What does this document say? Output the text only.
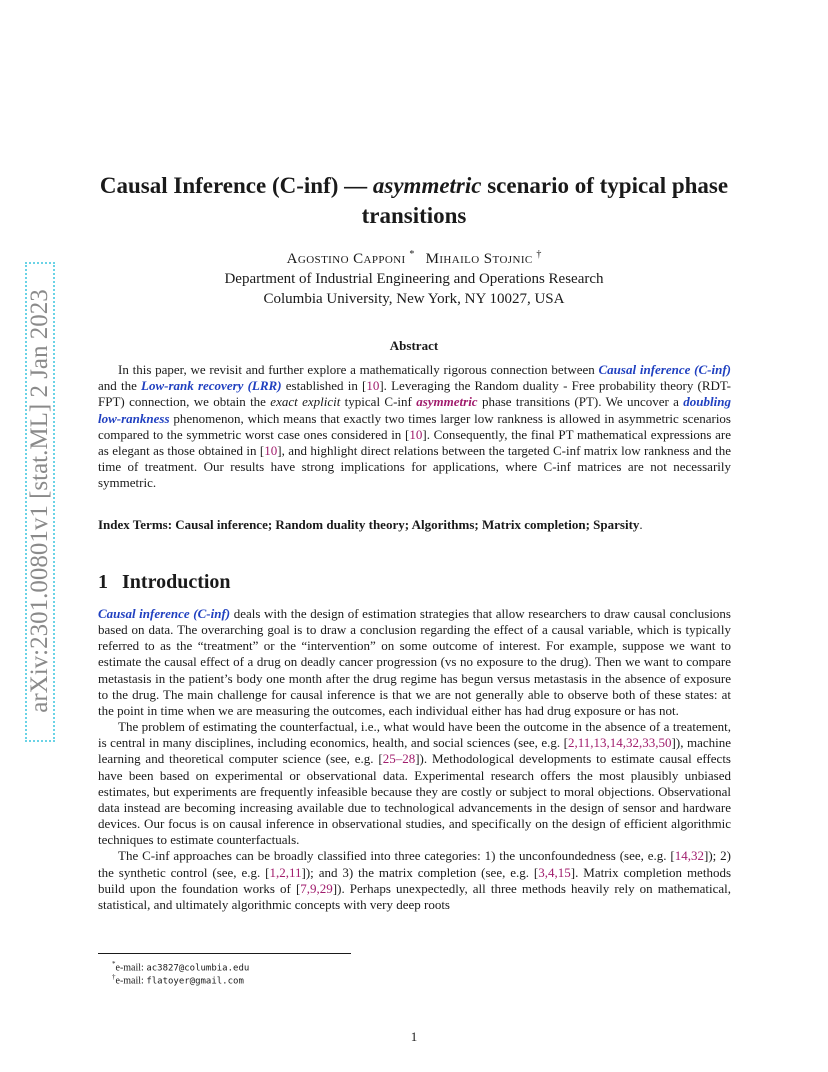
arXiv:2301.00801v1 [stat.ML] 2 Jan 2023
Causal Inference (C-inf) — asymmetric scenario of typical phase transitions
Agostino Capponi * Mihailo Stojnic †
Department of Industrial Engineering and Operations Research
Columbia University, New York, NY 10027, USA
Abstract

In this paper, we revisit and further explore a mathematically rigorous connection between Causal inference (C-inf) and the Low-rank recovery (LRR) established in [10]. Leveraging the Random duality - Free probability theory (RDT-FPT) connection, we obtain the exact explicit typical C-inf asymmetric phase transitions (PT). We uncover a doubling low-rankness phenomenon, which means that exactly two times larger low rankness is allowed in asymmetric scenarios compared to the symmetric worst case ones considered in [10]. Consequently, the final PT mathematical expressions are as elegant as those obtained in [10], and highlight direct relations between the targeted C-inf matrix low rankness and the time of treatment. Our results have strong implications for applications, where C-inf matrices are not necessarily symmetric.

Index Terms: Causal inference; Random duality theory; Algorithms; Matrix completion; Sparsity.
1 Introduction

Causal inference (C-inf) deals with the design of estimation strategies that allow researchers to draw causal conclusions based on data. The overarching goal is to draw a conclusion regarding the effect of a causal variable, which is typically referred to as the “treatment” or the “intervention” on some outcome of interest. For example, suppose we want to estimate the causal effect of a drug on deadly cancer progression (vs no exposure to the drug). Then we want to compare metastasis in the patient’s body one month after the drug regime has begun versus metastasis in the absence of exposure to the drug. The main challenge for causal inference is that we are not generally able to observe both of these states: at the point in time when we are measuring the outcomes, each individual either has had drug exposure or has not.

The problem of estimating the counterfactual, i.e., what would have been the outcome in the absence of a treatement, is central in many disciplines, including economics, health, and social sciences (see, e.g. [2,11,13,14,32,33,50]), machine learning and theoretical computer science (see, e.g. [25–28]). Methodological developments to estimate causal effects have been based on experimental or observational data. Experimental research offers the most plausibly unbiased estimates, but experiments are frequently infeasible because they are costly or subject to moral objections. Observational data instead are becoming increasing available due to technological advancements in the design of sensor and hardware devices. Our focus is on causal inference in observational studies, and specifically on the design of efficient algorithmic techniques to estimate counterfactuals.

The C-inf approaches can be broadly classified into three categories: 1) the unconfoundedness (see, e.g. [14,32]); 2) the synthetic control (see, e.g. [1,2,11]); and 3) the matrix completion (see, e.g. [3,4,15]. Matrix completion methods build upon the foundation works of [7,9,29]). Perhaps unexpectedly, all three methods heavily rely on mathematical, statistical, and ultimately algorithmic concepts with very deep roots

*e-mail: ac3827@columbia.edu
†e-mail: flatoyer@gmail.com
1
